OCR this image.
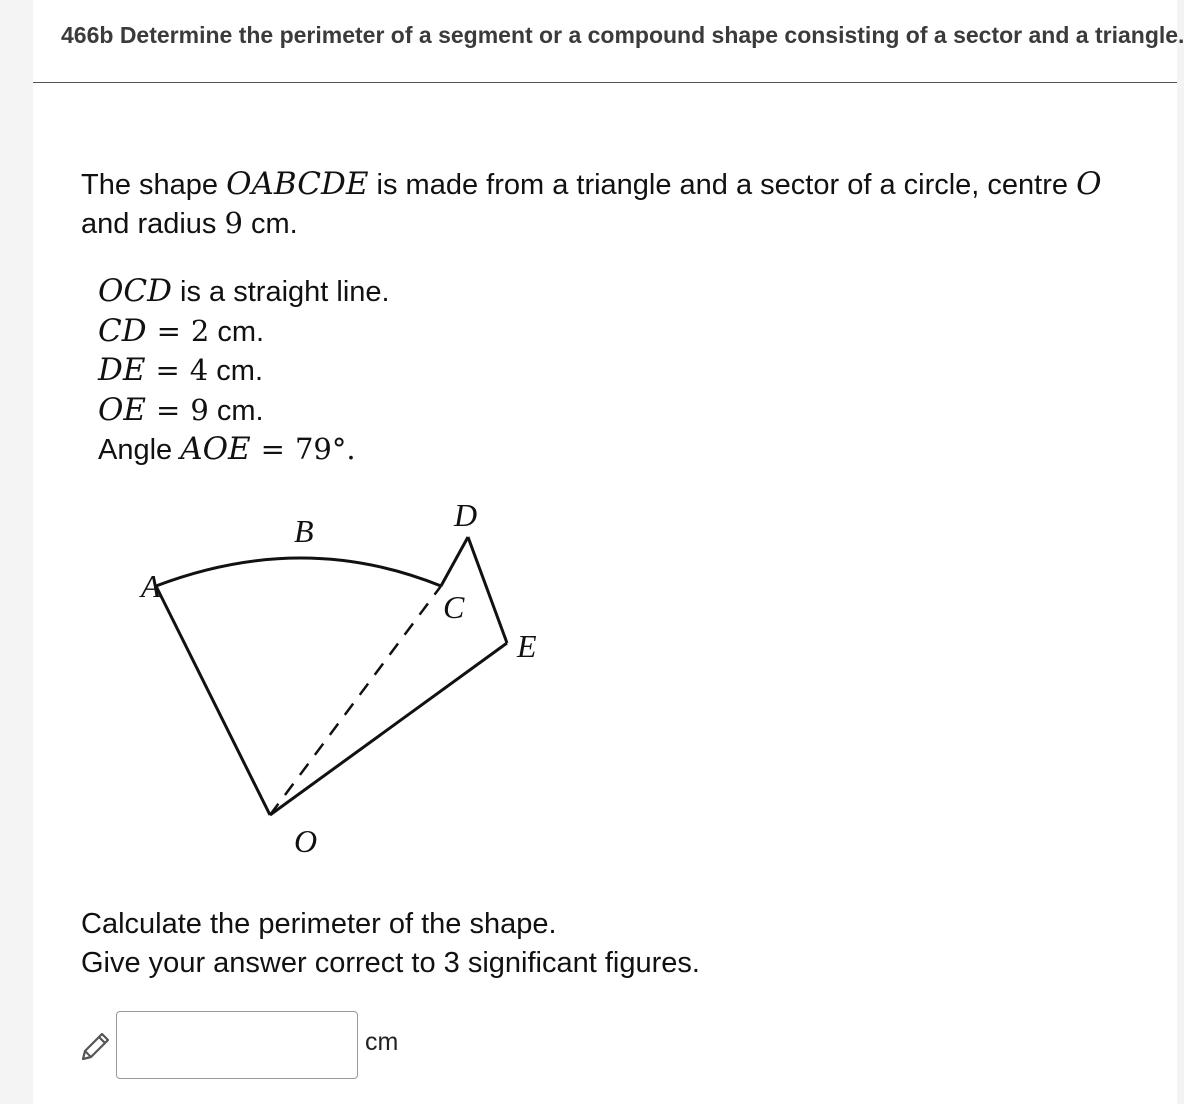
466b Determine the perimeter of a segment or a compound shape consisting of a sector and a triangle.
The shape OABCDE is made from a triangle and a sector of a circle, centre O
and radius 9 cm.
OCD is a straight line.
CD = 2 cm.
DE = 4 cm.
OE = 9 cm.
Angle AOE = 79°.
A
B
C
D
E
O
Calculate the perimeter of the shape.
Give your answer correct to 3 significant figures.
cm
